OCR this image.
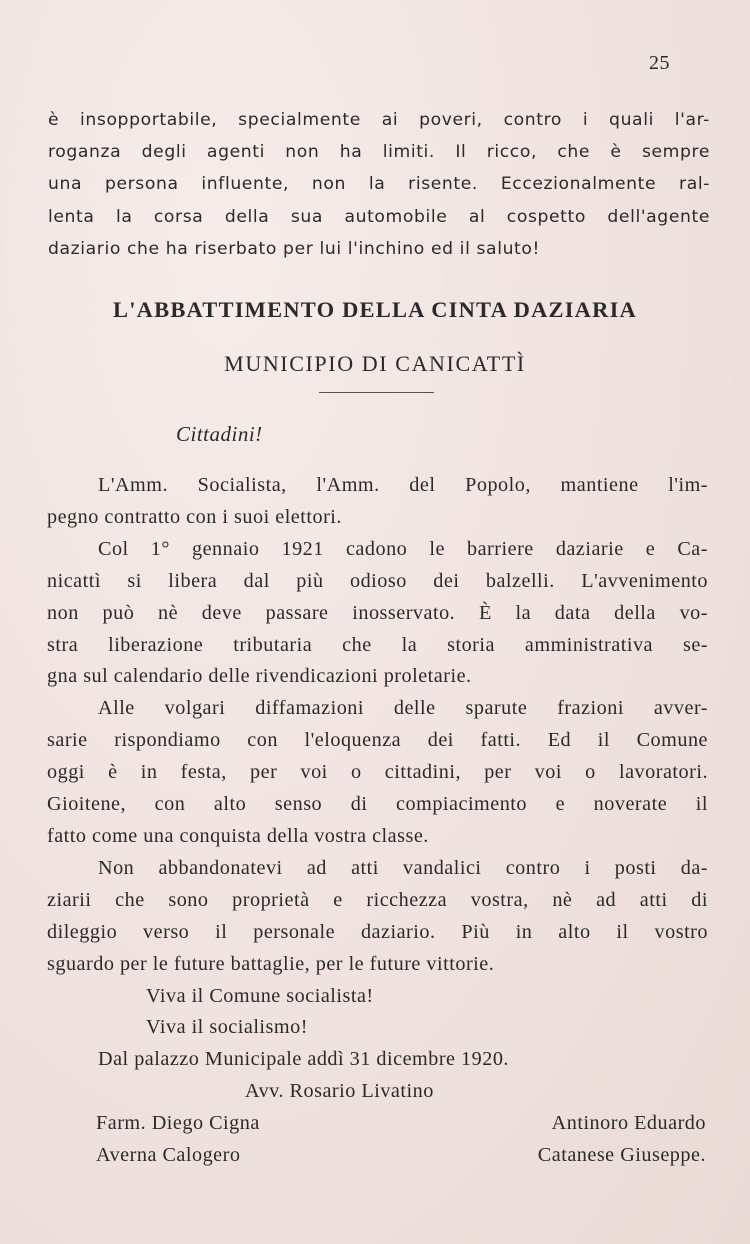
25
è insopportabile, specialmente ai poveri, contro i quali l'ar-
roganza degli agenti non ha limiti. Il ricco, che è sempre
una persona influente, non la risente. Eccezionalmente ral-
lenta la corsa della sua automobile al cospetto dell'agente
daziario che ha riserbato per lui l'inchino ed il saluto!
L'ABBATTIMENTO DELLA CINTA DAZIARIA
MUNICIPIO DI CANICATTÌ
Cittadini!
L'Amm. Socialista, l'Amm. del Popolo, mantiene l'im-
pegno contratto con i suoi elettori.
Col 1° gennaio 1921 cadono le barriere daziarie e Ca-
nicattì si libera dal più odioso dei balzelli. L'avvenimento
non può nè deve passare inosservato. È la data della vo-
stra liberazione tributaria che la storia amministrativa se-
gna sul calendario delle rivendicazioni proletarie.
Alle volgari diffamazioni delle sparute frazioni avver-
sarie rispondiamo con l'eloquenza dei fatti. Ed il Comune
oggi è in festa, per voi o cittadini, per voi o lavoratori.
Gioitene, con alto senso di compiacimento e noverate il
fatto come una conquista della vostra classe.
Non abbandonatevi ad atti vandalici contro i posti da-
ziarii che sono proprietà e ricchezza vostra, nè ad atti di
dileggio verso il personale daziario. Più in alto il vostro
sguardo per le future battaglie, per le future vittorie.
Viva il Comune socialista!
Viva il socialismo!
Dal palazzo Municipale addì 31 dicembre 1920.
Avv. Rosario Livatino
Farm. Diego Cigna	Antinoro Eduardo
Averna Calogero	Catanese Giuseppe.
